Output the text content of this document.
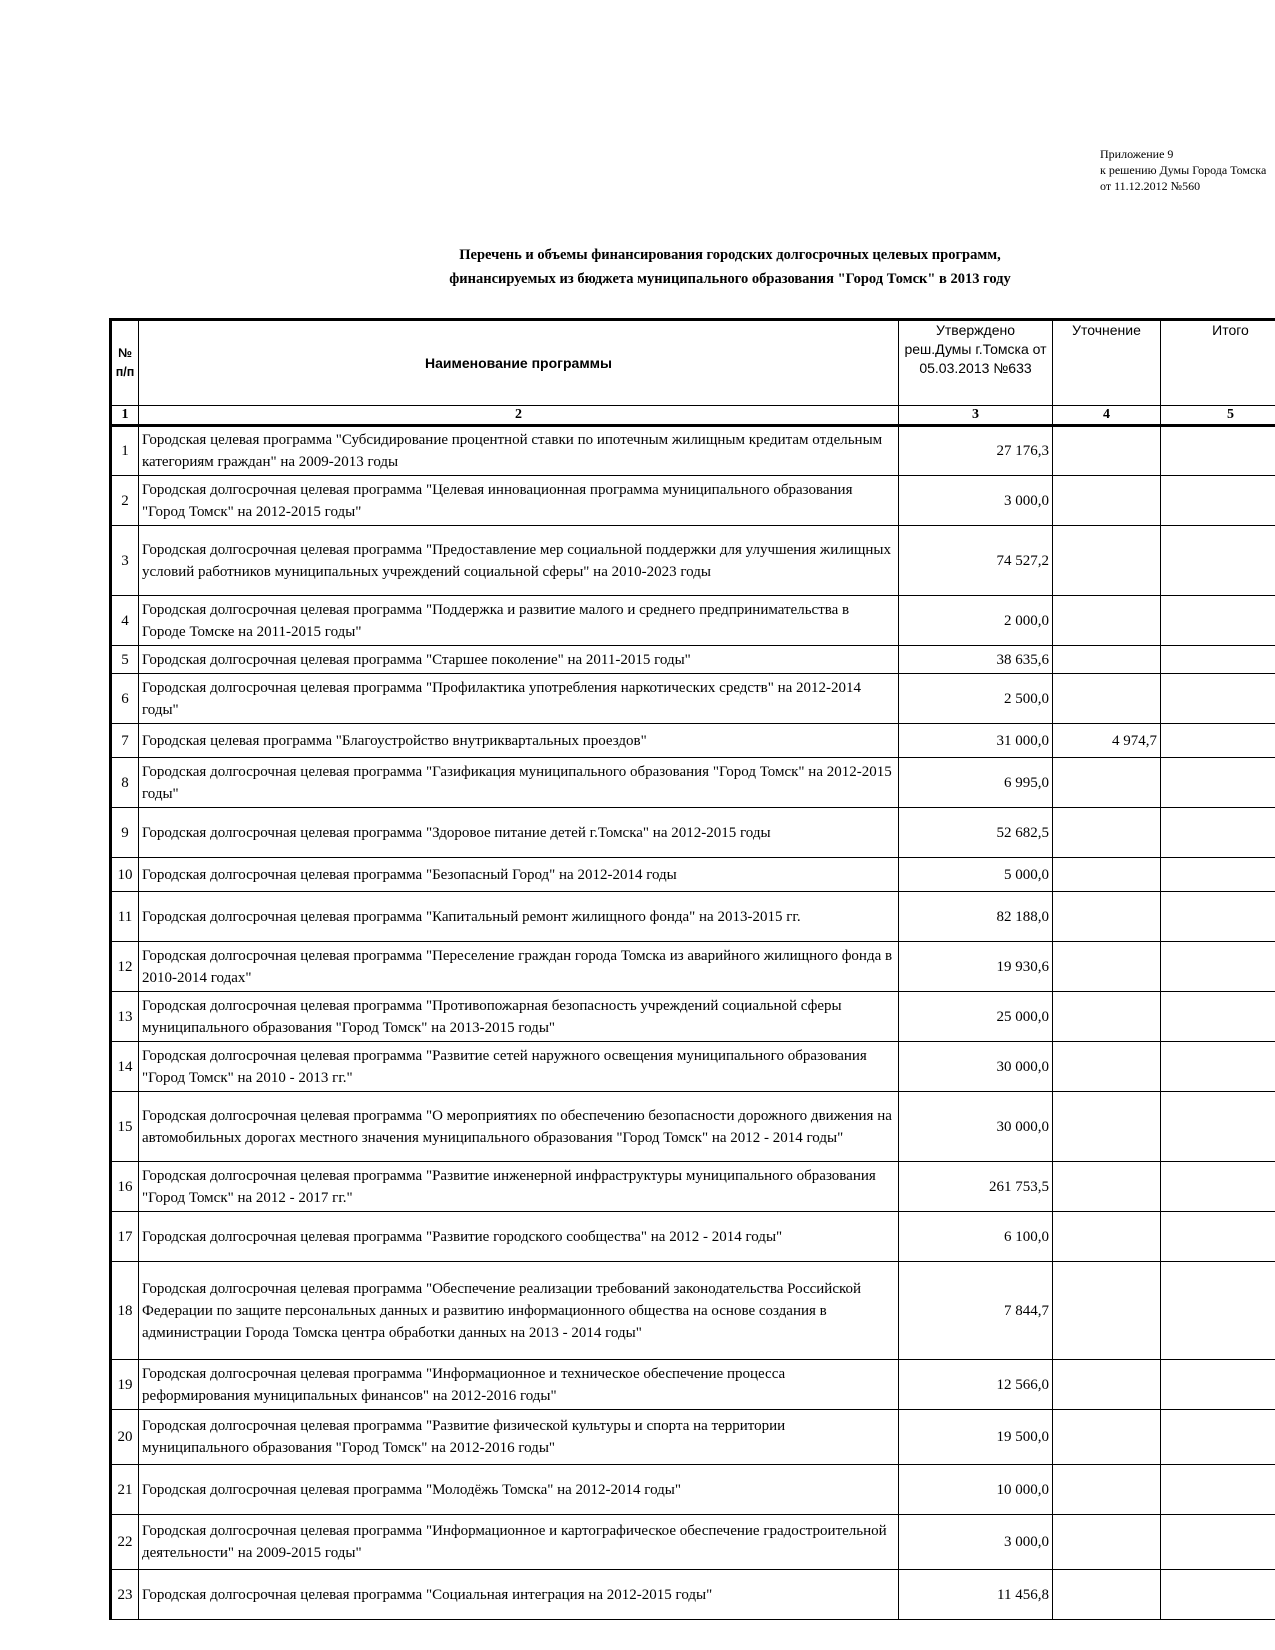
Приложение 9
к решению Думы Города Томска
от 11.12.2012 №560
Перечень и объемы финансирования городских долгосрочных целевых программ,
финансируемых из бюджета муниципального образования "Город Томск" в 2013 году
№ п/п	Наименование программы	Утверждено реш.Думы г.Томска от 05.03.2013 №633	Уточнение	Итого
1	2	3	4	5
1	Городская целевая программа "Субсидирование процентной ставки по ипотечным жилищным кредитам отдельным категориям граждан" на 2009-2013 годы	27 176,3		
2	Городская долгосрочная целевая программа "Целевая инновационная программа муниципального образования "Город Томск" на 2012-2015 годы"	3 000,0		
3	Городская долгосрочная целевая программа "Предоставление мер социальной поддержки для улучшения жилищных условий работников муниципальных учреждений социальной сферы" на 2010-2023 годы	74 527,2		
4	Городская долгосрочная целевая программа "Поддержка и развитие малого и среднего предпринимательства в Городе Томске на 2011-2015 годы"	2 000,0		
5	Городская долгосрочная целевая программа "Старшее поколение" на 2011-2015 годы"	38 635,6		
6	Городская долгосрочная целевая программа "Профилактика употребления наркотических средств" на 2012-2014 годы"	2 500,0		
7	Городская целевая программа "Благоустройство внутриквартальных проездов"	31 000,0	4 974,7	
8	Городская долгосрочная целевая программа "Газификация муниципального образования "Город Томск" на 2012-2015 годы"	6 995,0		
9	Городская долгосрочная целевая программа "Здоровое питание детей г.Томска" на 2012-2015 годы	52 682,5		
10	Городская долгосрочная целевая программа "Безопасный Город" на 2012-2014 годы	5 000,0		
11	Городская долгосрочная целевая программа "Капитальный ремонт жилищного фонда" на 2013-2015 гг.	82 188,0		
12	Городская долгосрочная целевая программа "Переселение граждан города Томска из аварийного жилищного фонда в 2010-2014 годах"	19 930,6		
13	Городская долгосрочная целевая программа "Противопожарная безопасность учреждений социальной сферы муниципального образования "Город Томск" на 2013-2015 годы"	25 000,0		
14	Городская долгосрочная целевая программа "Развитие сетей наружного освещения муниципального образования "Город Томск" на 2010 - 2013 гг."	30 000,0		
15	Городская долгосрочная целевая программа "О мероприятиях по обеспечению безопасности дорожного движения на автомобильных дорогах местного значения муниципального образования "Город Томск" на 2012 - 2014 годы"	30 000,0		
16	Городская долгосрочная целевая программа "Развитие инженерной инфраструктуры муниципального образования "Город Томск" на 2012 - 2017 гг."	261 753,5		
17	Городская долгосрочная целевая программа "Развитие городского сообщества" на 2012 - 2014 годы"	6 100,0		
18	Городская долгосрочная целевая программа "Обеспечение реализации требований законодательства Российской Федерации по защите персональных данных и развитию информационного общества на основе создания в администрации Города Томска центра обработки данных на 2013 - 2014 годы"	7 844,7		
19	Городская долгосрочная целевая программа "Информационное и техническое обеспечение процесса реформирования муниципальных финансов" на 2012-2016 годы"	12 566,0		
20	Городская долгосрочная целевая программа "Развитие физической культуры и спорта на территории муниципального образования "Город Томск" на 2012-2016 годы"	19 500,0		
21	Городская долгосрочная целевая программа "Молодёжь Томска" на 2012-2014 годы"	10 000,0		
22	Городская долгосрочная целевая программа "Информационное и картографическое обеспечение градостроительной деятельности" на 2009-2015 годы"	3 000,0		
23	Городская долгосрочная целевая программа "Социальная интеграция на 2012-2015 годы"	11 456,8		
